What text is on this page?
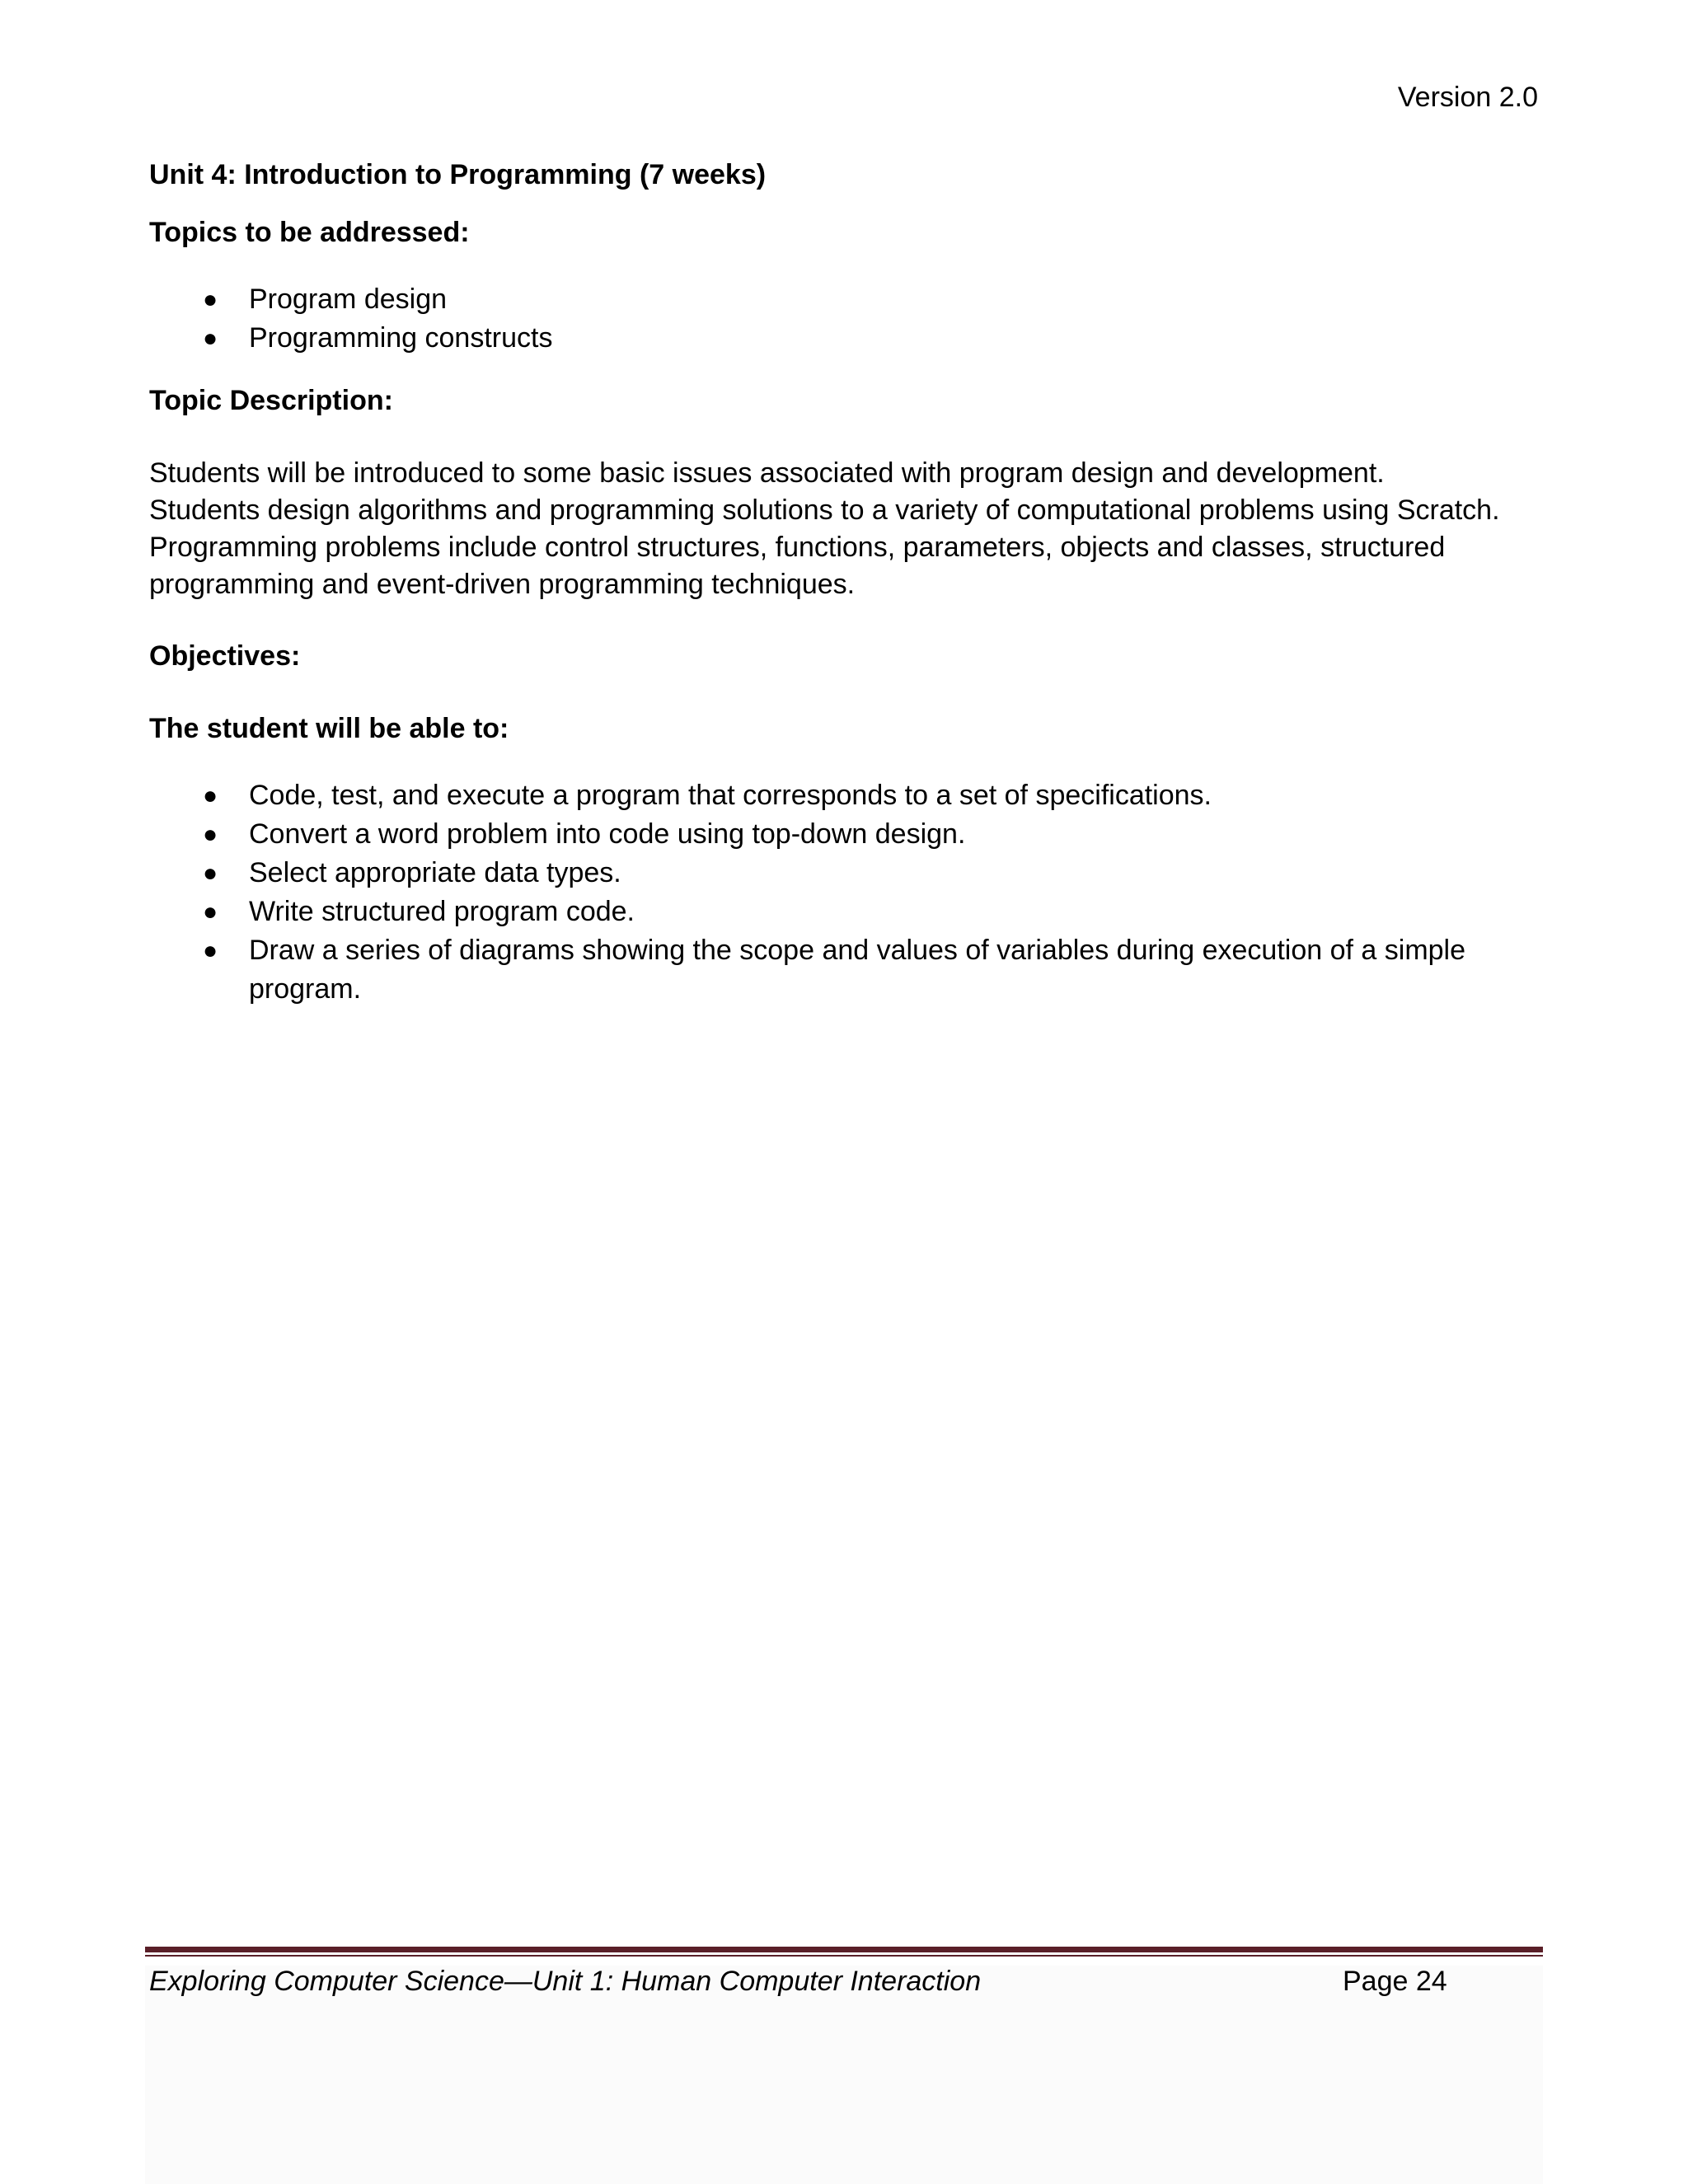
Version 2.0

Unit 4: Introduction to Programming (7 weeks)

Topics to be addressed:

● Program design
● Programming constructs

Topic Description:

Students will be introduced to some basic issues associated with program design and development.
Students design algorithms and programming solutions to a variety of computational problems using Scratch.
Programming problems include control structures, functions, parameters, objects and classes, structured
programming and event-driven programming techniques.

Objectives:

The student will be able to:

● Code, test, and execute a program that corresponds to a set of specifications.
● Convert a word problem into code using top-down design.
● Select appropriate data types.
● Write structured program code.
● Draw a series of diagrams showing the scope and values of variables during execution of a simple program.
Exploring Computer Science—Unit 1: Human Computer Interaction	Page 24
